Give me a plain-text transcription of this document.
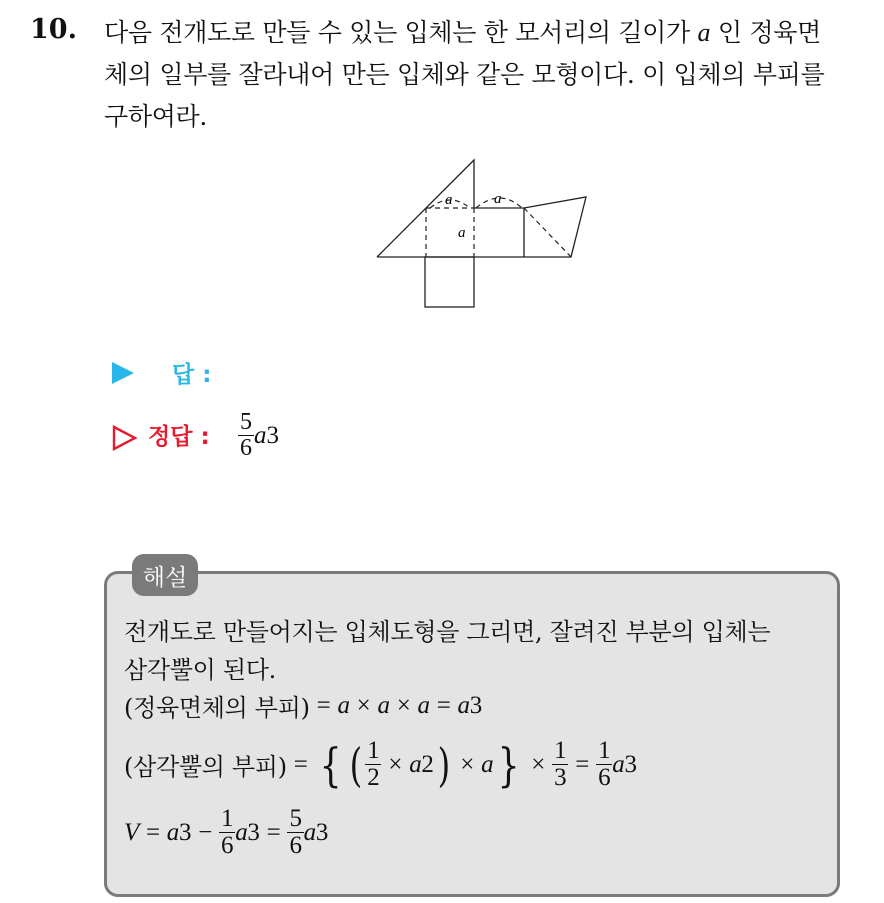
10. 다음 전개도로 만들 수 있는 입체는 한 모서리의 길이가 a 인 정육면
체의 일부를 잘라내어 만든 입체와 같은 모형이다. 이 입체의 부피를
구하여라.
a	a
a
답 :
정답 : $\frac{5}{6}$ a 3
해설
전개도로 만들어지는 입체도형을 그리면, 잘려진 부분의 입체는
삼각뿔이 된다.
(정육면체의 부피) = a × a × a = a 3
(삼각뿔의 부피) = { ( $\frac{1}{2} \times a$ 2 ) × a } × $\frac{1}{3} = \frac{1}{6}$ a 3
V = a $3 - \frac{1}{6}$ a $3 = \frac{5}{6}$ a 3
